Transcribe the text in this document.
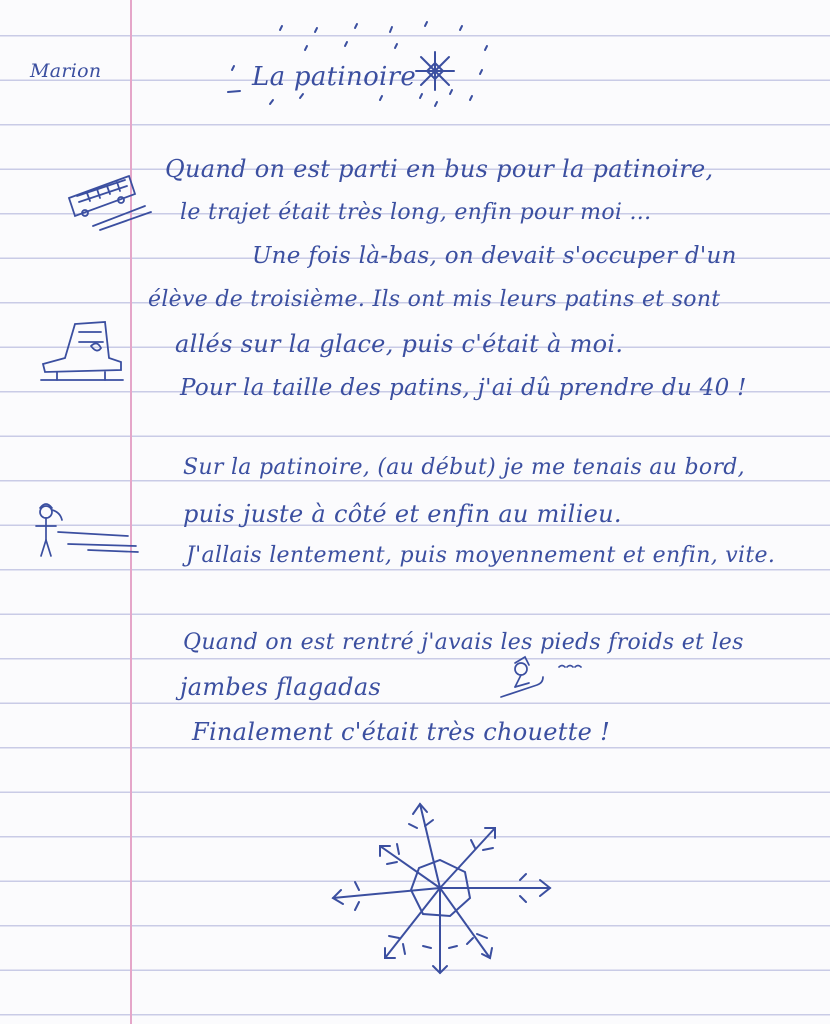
Marion	La patinoire

Quand on est parti en bus pour la patinoire,

le trajet était très long, enfin pour moi ...

Une fois là-bas, on devait s'occuper d'un

élève de troisième. Ils ont mis leurs patins et sont

allés sur la glace, puis c'était à moi.

Pour la taille des patins, j'ai dû prendre du 40 !

Sur la patinoire, (au début) je me tenais au bord,

puis juste à côté et enfin au milieu.

J'allais lentement, puis moyennement et enfin, vite.

Quand on est rentré j'avais les pieds froids et les

jambes flagadas

Finalement c'était très chouette !
